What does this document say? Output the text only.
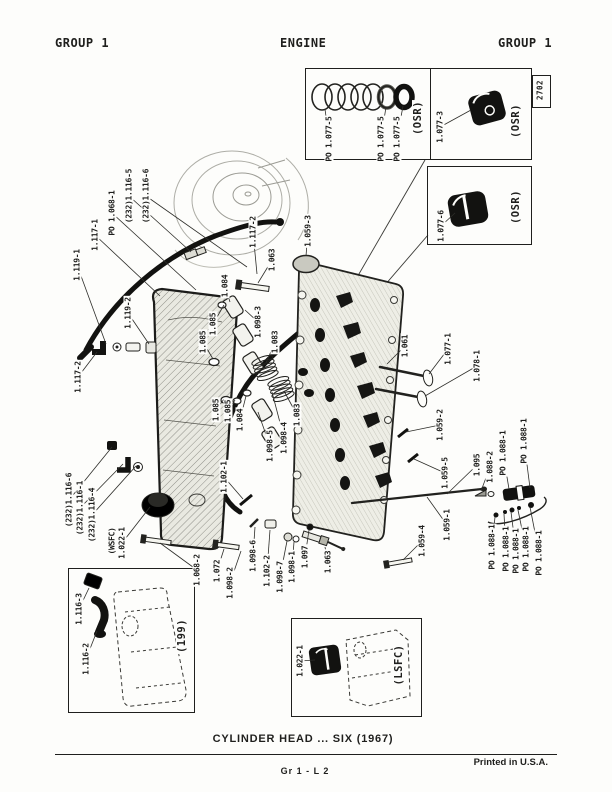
GROUP 1	ENGINE	GROUP 1
1.119-1
1.117-1 PO 1.068-1 (232)1.116-5 (232)1.116-6
1.117-2
1.063
1.059-3
1.119-2
1.117-2
1.084
1.085
1.085
1.098-3
1.083
1.085 1.085 1.084
1.098-5 1.098-4
1.083
1.102-1
1.061	1.077-1
1.078-1
1.059-2
1.059-5	1.095 1.088-2 PO 1.088-1 PO 1.088-1
1.059-1
1.059-4	PO 1.088-1 PO 1.088-1 PO 1.088-1 PO 1.088-1 PO 1.088-1
(232)1.116-6 (232)1.116-1 (232)1.116-4 (WSFC) 1.022-1
1.068-2 1.072 1.098-2
1.098-6 1.102-2 1.098-7 1.098-1 1.097 1.063
PO 1.077-5	PO 1.077-5 PO 1.077-5 (OSR) 1.077-3	(OSR)
2702
1.077-6
(OSR)
1.116-3
1.116-2
(199)
1.022-1	(LSFC)
CYLINDER HEAD ... SIX (1967)
Printed in U.S.A.
Gr 1 - L 2
